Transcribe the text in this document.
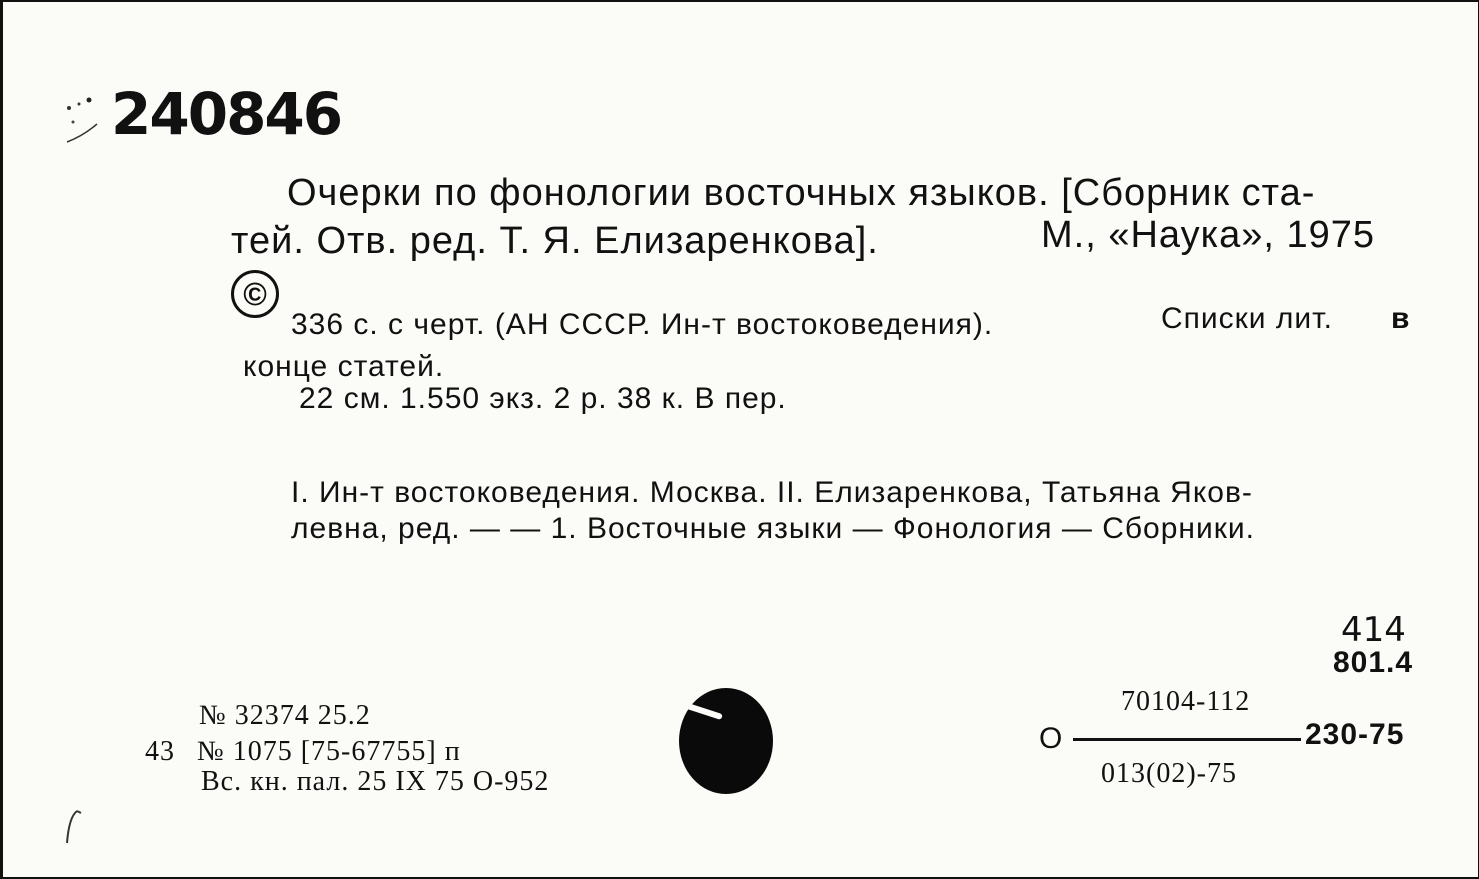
240846
Очерки по фонологии восточных языков. [Сборник ста-
тей. Отв. ред. Т. Я. Елизаренкова].	М., «Наука», 1975
©
336 с. с черт. (АН СССР. Ин-т востоковедения).	Списки лит. в
конце статей.
22 см. 1.550 экз. 2 р. 38 к. В пер.
I. Ин-т востоковедения. Москва. II. Елизаренкова, Татьяна Яков-
левна, ред. — — 1. Восточные языки — Фонология — Сборники.
414
801.4
№ 32374 25.2
43 № 1075 [75-67755] п
Вс. кн. пал. 25 IX 75 О-952
70104-112
О	230-75
013(02)-75
